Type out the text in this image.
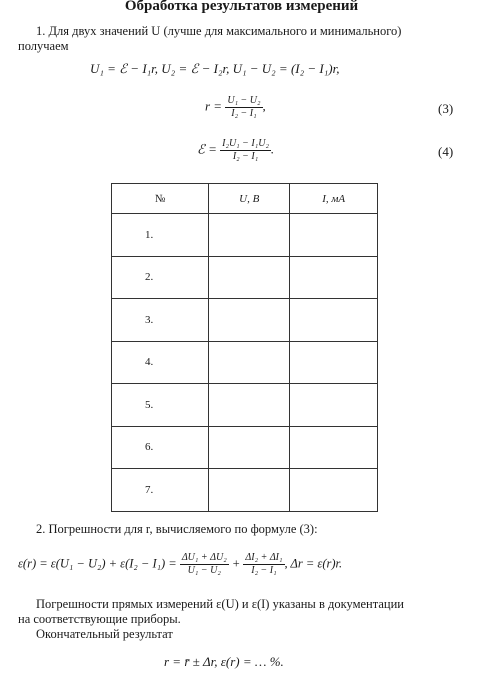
Обработка результатов измерений
1. Для двух значений U (лучше для максимального и минимального)
получаем
U₁ = ℰ − I₁r, U₂ = ℰ − I₂r, U₁ − U₂ = (I₂ − I₁)r,
$r = \frac{\text{U₁ − U₂}}{\text{I₂ − I₁}}$ ,	(3)
ℰ = $\frac{\text{I₂U₁ − I₁U₂}}{\text{I₂ − I₁}}$ .	(4)
№	U, В	I, мА
1.		
2.		
3.		
4.		
5.		
6.		
7.		
2. Погрешности для r, вычисляемого по формуле (3):
$\varepsilon(r) = \varepsilon(U_1 - U_2) + \varepsilon(I_2 - I_1) = \frac{\text{ΔU₁ + ΔU₂}}{\text{U₁ − U₂}} + \frac{\text{ΔI₂ + ΔI₁}}{\text{I₂ − I₁}}$ , Δr = ε(r)r.
Погрешности прямых измерений ε(U) и ε(I) указаны в документации
на соответствующие приборы.
Окончательный результат
r = r̄ ± Δr, ε(r) = … %.
